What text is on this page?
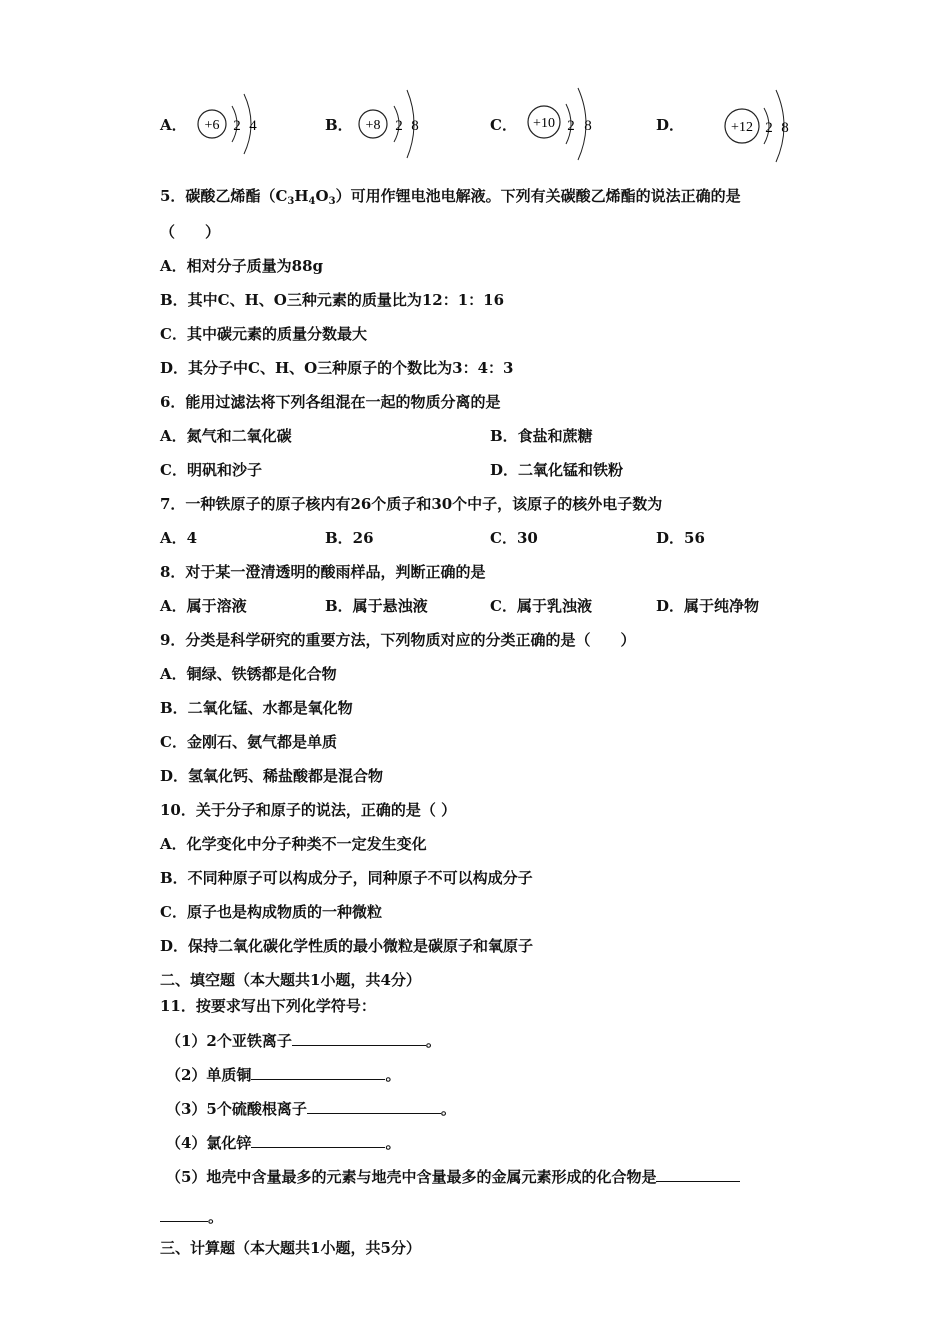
A． +6 2 4	B． +8 2 8	C． +10 2 8	D．	+12 2 8
5．碳酸乙烯酯$(C_3H_4O_3)$可用作锂电池电解液。下列有关碳酸乙烯酯的说法正确的是
（　　）
A．相对分子质量为88g
B．其中C、H、O三种元素的质量比为12：1：16
C．其中碳元素的质量分数最大
D．其分子中C、H、O三种原子的个数比为3：4：3
6．能用过滤法将下列各组混在一起的物质分离的是
A．氮气和二氧化碳	B．食盐和蔗糖
C．明矾和沙子	D．二氧化锰和铁粉
7．一种铁原子的原子核内有26个质子和30个中子，该原子的核外电子数为
A．4	B．26	C．30	D．56
8．对于某一澄清透明的酸雨样品，判断正确的是
A．属于溶液	B．属于悬浊液	C．属于乳浊液	D．属于纯净物
9．分类是科学研究的重要方法，下列物质对应的分类正确的是（　　）
A．铜绿、铁锈都是化合物
B．二氧化锰、水都是氧化物
C．金刚石、氨气都是单质
D．氢氧化钙、稀盐酸都是混合物
10．关于分子和原子的说法，正确的是（ ）
A．化学变化中分子种类不一定发生变化
B．不同种原子可以构成分子，同种原子不可以构成分子
C．原子也是构成物质的一种微粒
D．保持二氧化碳化学性质的最小微粒是碳原子和氧原子
二、填空题（本大题共1小题，共4分）
11．按要求写出下列化学符号：
（1）2个亚铁离子	。
（2）单质铜	。
（3）5个硫酸根离子	。
（4）氯化锌	。
（5）地壳中含量最多的元素与地壳中含量最多的金属元素形成的化合物是
。
三、计算题（本大题共1小题，共5分）
